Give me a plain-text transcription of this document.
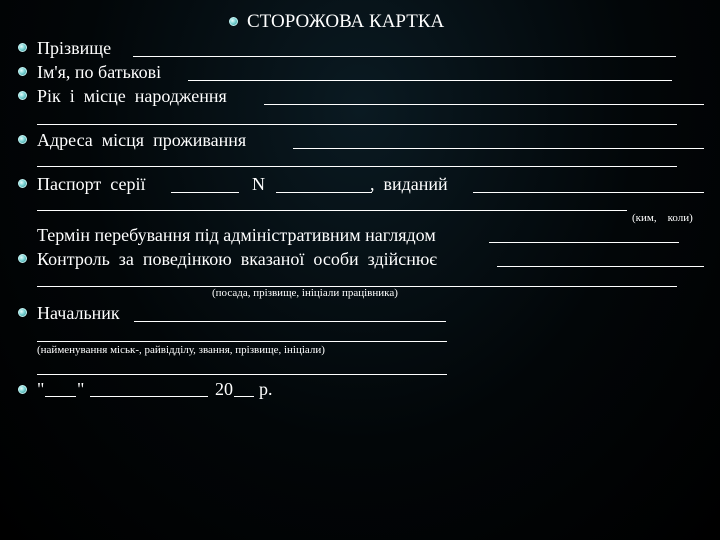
СТОРОЖОВА КАРТКА
Прізвище
Ім'я, по батькові
Рік  і  місце  народження
Адреса  місця  проживання
Паспорт  серії	N	,  виданий
(ким,    коли)
Термін перебування під адміністративним наглядом
Контроль  за  поведінкою  вказаної  особи  здійснює
(посада, прізвище, ініціали працівника)
Начальник
(найменування міськ-, райвідділу, звання, прізвище, ініціали)
" "	20 р.
